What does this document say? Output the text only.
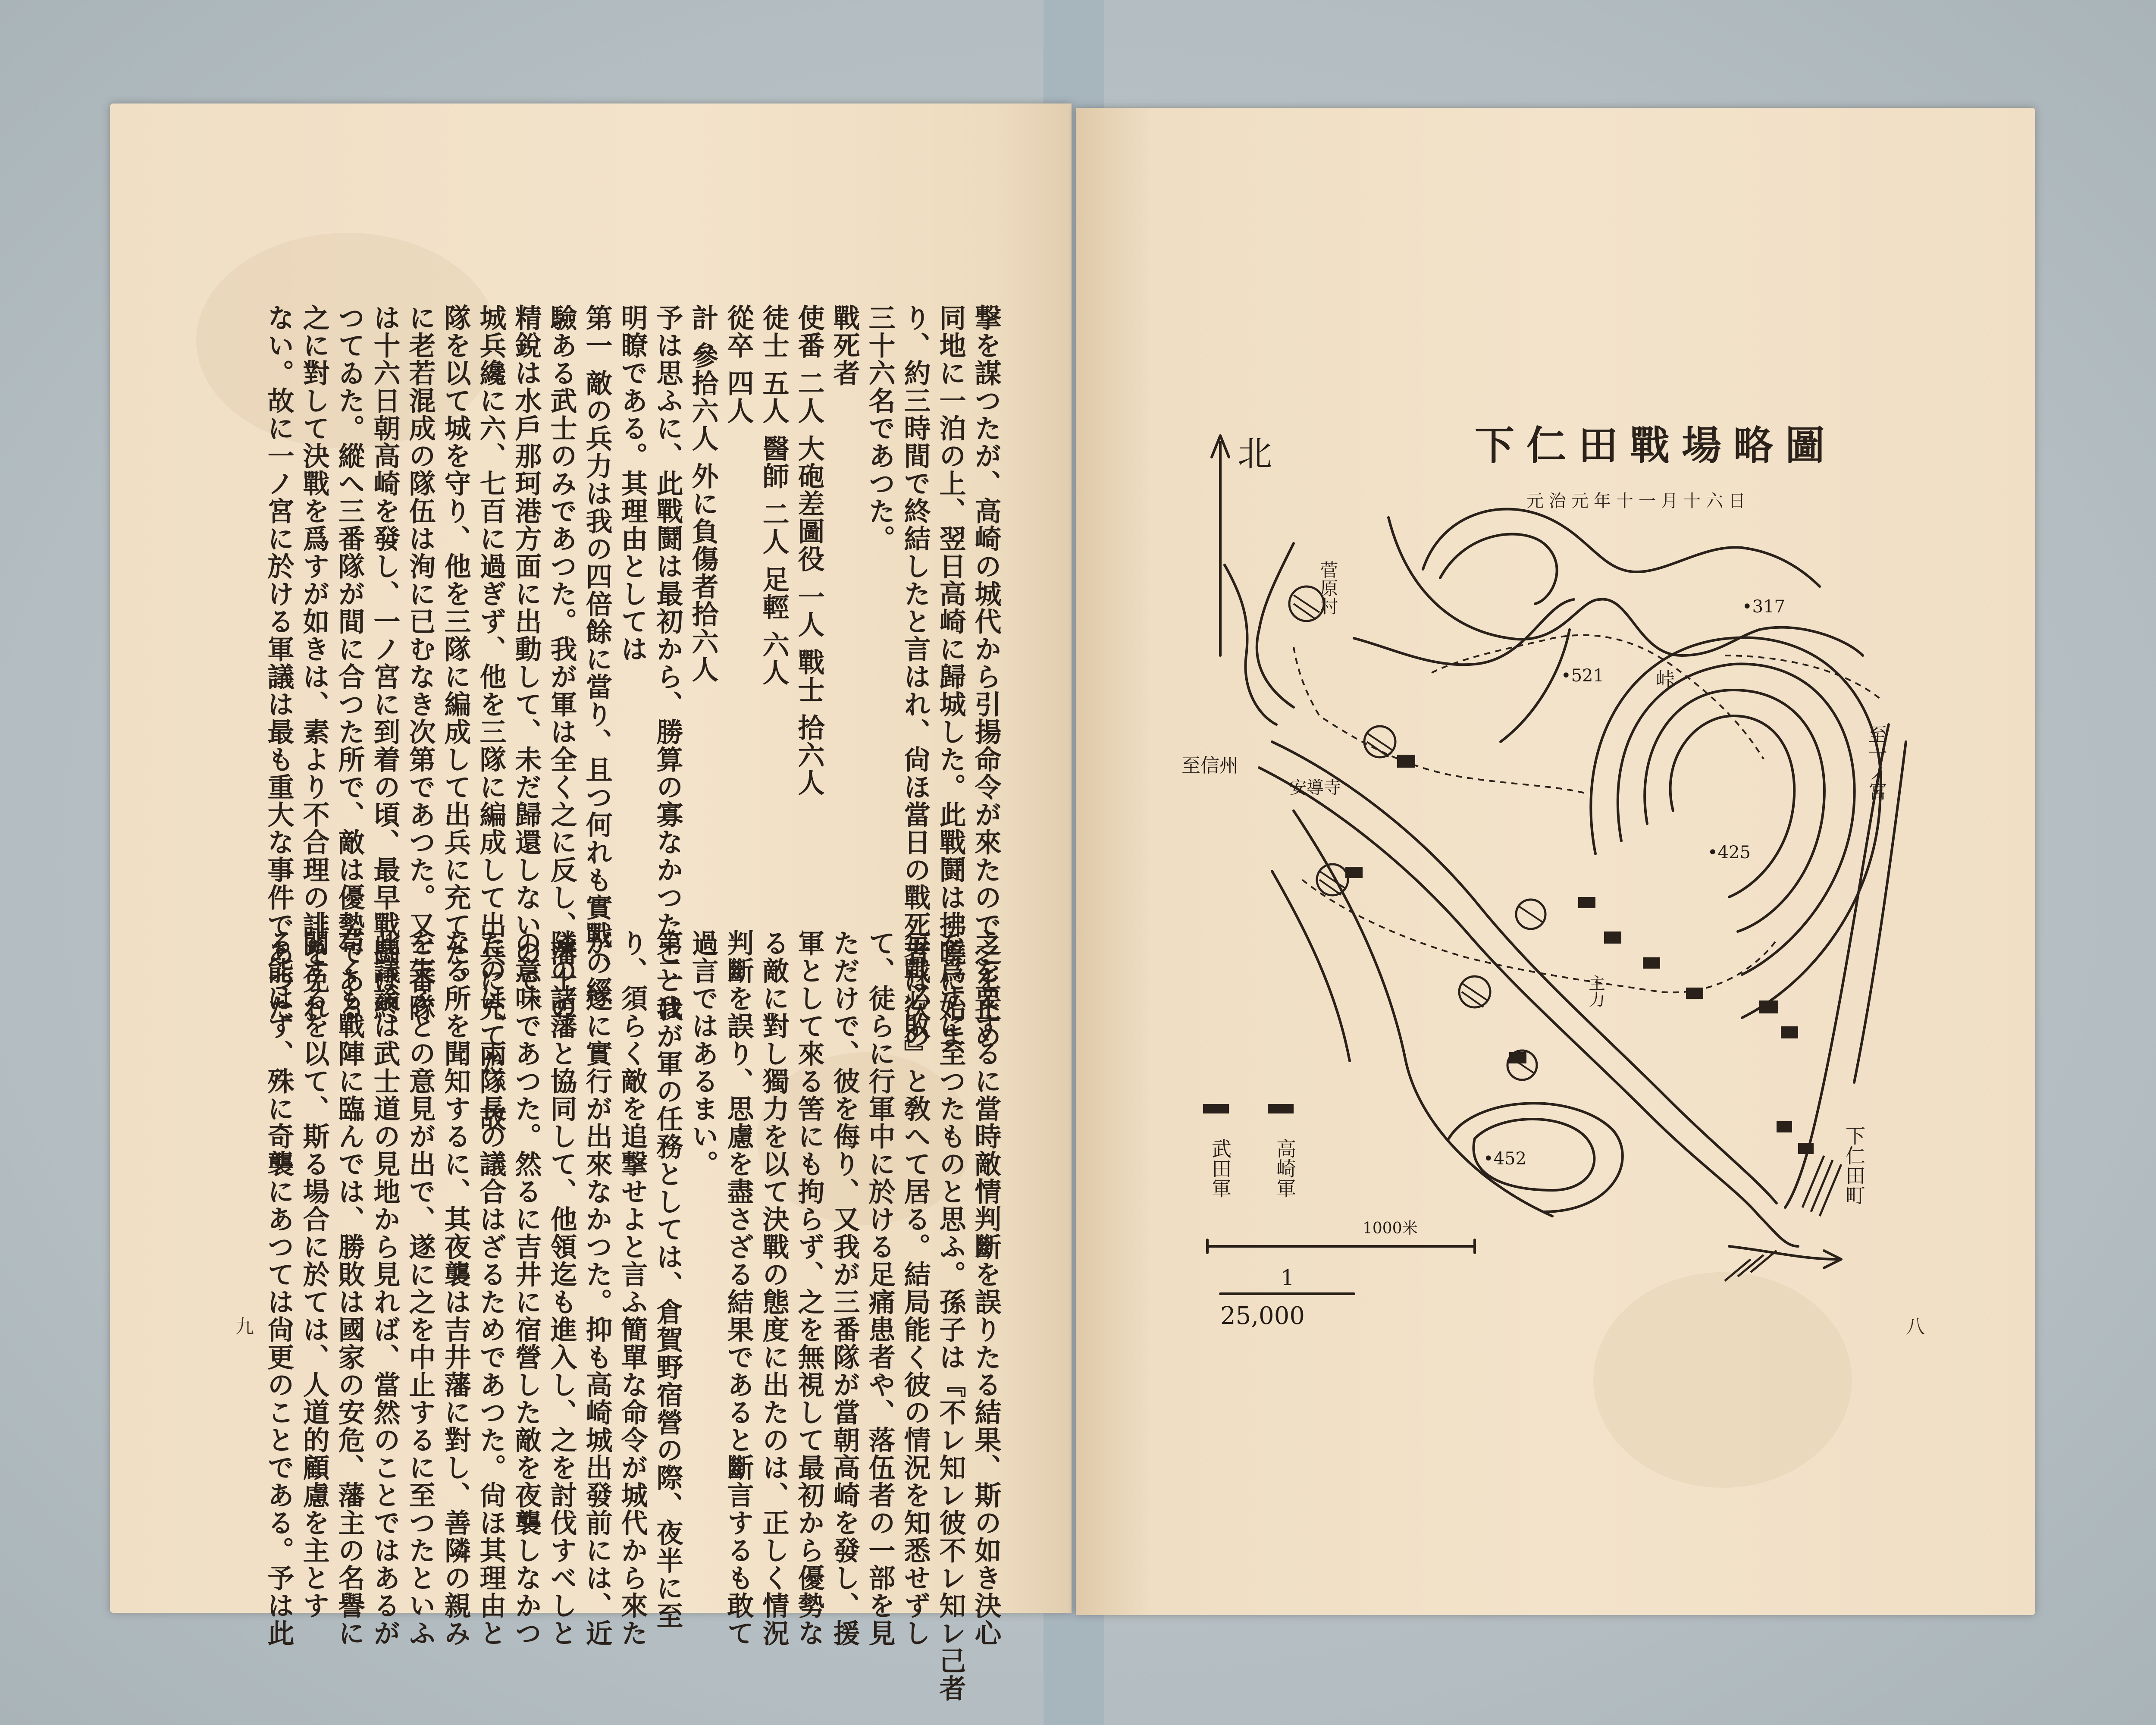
撃を謀つたが、高崎の城代から引揚命令が來たので之を止め
同地に一泊の上、翌日高崎に歸城した。此戰鬪は拂曉に始ま
り、約三時間で終結したと言はれ、尙ほ當日の戰死者は次の
三十六名であつた。
戰死者
使番 二人 大砲差圖役 一人 戰士 拾六人
徒士 五人 醫師 二人 足輕 六人
從卒 四人
計 參拾六人 外に負傷者拾六人
予は思ふに、此戰鬪は最初から、勝算の寡なかつたことは
明瞭である。其理由としては
第一 敵の兵力は我の四倍餘に當り、且つ何れも實戰の經
驗ある武士のみであつた。我が軍は全く之に反し、藩士の
精銳は水戶那珂港方面に出動して、未だ歸還しないので、
城兵纔に六、七百に過ぎず、他を三隊に編成して出兵に充てた。故
隊を以て城を守り、他を三隊に編成して出兵に充てた。
に老若混成の隊伍は洵に已むなき次第であつた。又三番隊
は十六日朝高崎を發し、一ノ宮に到着の頃、最早戰鬪は終
つてゐた。縱へ三番隊が間に合つた所で、敵は優勢である
之に對して決戰を爲すが如きは、素より不合理の誹を免れ
ない。故に一ノ宮に於ける軍議は最も重大な事件であつた
之を要するに當時敵情判斷を誤りたる結果、斯の如き決心
を爲すに至つたものと思ふ。孫子は『不レ知レ彼不レ知レ己者
毎戰必敗』と敎へて居る。結局能く彼の情況を知悉せずし
て、徒らに行軍中に於ける足痛患者や、落伍者の一部を見
ただけで、彼を侮り、又我が三番隊が當朝高崎を發し、援
軍として來る筈にも拘らず、之を無視して最初から優勢な
る敵に對し獨力を以て決戰の態度に出たのは、正しく情況
判斷を誤り、思慮を盡さざる結果であると斷言するも敢て
過言ではあるまい。
第二 我が軍の任務としては、倉賀野宿營の際、夜半に至
り、須らく敵を追撃せよと言ふ簡單な命令が城代から來た
が、遂に實行が出來なかつた。抑も高崎城出發前には、近
隣の諸藩と協同して、他領迄も進入し、之を討伐すべしと
の意味であつた。然るに吉井に宿營した敵を夜襲しなかつ
たのは、兩隊長の議合はざるためであつた。尙ほ其理由と
なる所を聞知するに、其夜襲は吉井藩に對し、善隣の親み
を失ふとの意見が出で、遂に之を中止するに至つたといふ
此議論は武士道の見地から見れば、當然のことではあるが
苟くも戰陣に臨んでは、勝敗は國家の安危、藩主の名譽に
關するを以て、斯る場合に於ては、人道的顧慮を主とす
る能はず、殊に奇襲にあつては尙更のことである。予は此
九
下仁田戰場略圖
元治元年十一月十六日
北
菅原村
至信州
安導寺	至一ノ宮
峠
•521
•317
•425
•452
主力
下仁田町
高崎軍
武田軍
1000米
1
25,000	八
